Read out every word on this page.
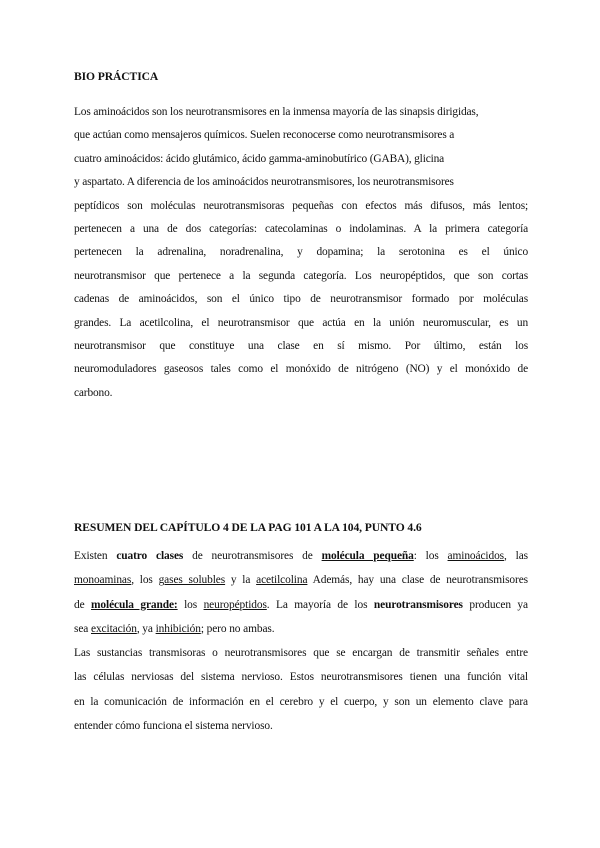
BIO PRÁCTICA
Los aminoácidos son los neurotransmisores en la inmensa mayoría de las sinapsis dirigidas,
que actúan como mensajeros químicos. Suelen reconocerse como neurotransmisores a
cuatro aminoácidos: ácido glutámico, ácido gamma-aminobutírico (GABA), glicina
y aspartato. A diferencia de los aminoácidos neurotransmisores, los neurotransmisores
peptídicos son moléculas neurotransmisoras pequeñas con efectos más difusos, más lentos;
pertenecen a una de dos categorías: catecolaminas o indolaminas. A la primera categoría
pertenecen la adrenalina, noradrenalina, y dopamina; la serotonina es el único
neurotransmisor que pertenece a la segunda categoría. Los neuropéptidos, que son cortas
cadenas de aminoácidos, son el único tipo de neurotransmisor formado por moléculas
grandes. La acetilcolina, el neurotransmisor que actúa en la unión neuromuscular, es un
neurotransmisor que constituye una clase en sí mismo. Por último, están los
neuromoduladores gaseosos tales como el monóxido de nitrógeno (NO) y el monóxido de
carbono.
RESUMEN DEL CAPÍTULO 4 DE LA PAG 101 A LA 104, PUNTO 4.6
Existen cuatro clases de neurotransmisores de molécula pequeña: los aminoácidos, las
monoaminas, los gases solubles y la acetilcolina Además, hay una clase de neurotransmisores
de molécula grande: los neuropéptidos. La mayoría de los neurotransmisores producen ya
sea excitación, ya inhibición; pero no ambas.
Las sustancias transmisoras o neurotransmisores que se encargan de transmitir señales entre
las células nerviosas del sistema nervioso. Estos neurotransmisores tienen una función vital
en la comunicación de información en el cerebro y el cuerpo, y son un elemento clave para
entender cómo funciona el sistema nervioso.
